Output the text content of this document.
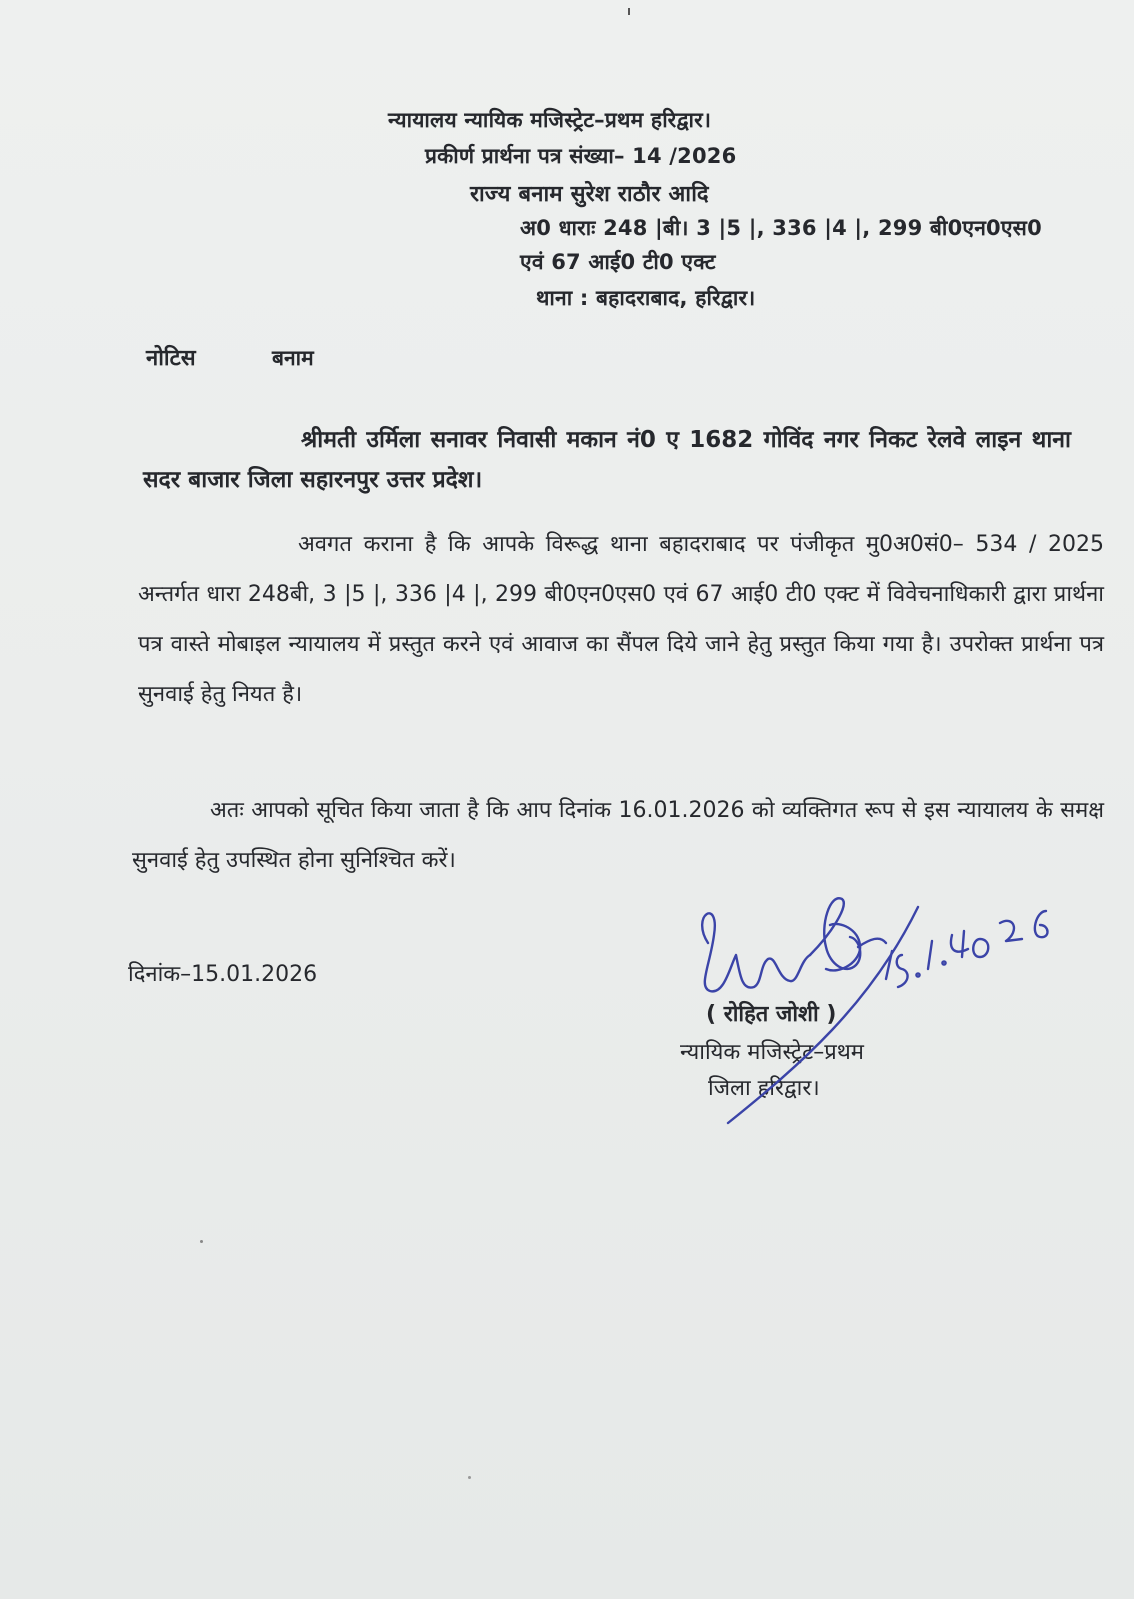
न्यायालय न्यायिक मजिस्ट्रेट–प्रथम हरिद्वार।

प्रकीर्ण प्रार्थना पत्र संख्या– 14 /2026

राज्य बनाम सुरेश राठौर आदि

अ0 धाराः 248 |बी। 3 |5 |, 336 |4 |, 299 बी0एन0एस0

एवं 67 आई0 टी0 एक्ट

थाना : बहादराबाद, हरिद्वार।

नोटिस	बनाम

श्रीमती उर्मिला सनावर निवासी मकान नं0 ए 1682 गोविंद नगर निकट रेलवे लाइन थाना सदर बाजार जिला सहारनपुर उत्तर प्रदेश।

अवगत कराना है कि आपके विरूद्ध थाना बहादराबाद पर पंजीकृत मु0अ0सं0– 534 / 2025 अन्तर्गत धारा 248बी, 3 |5 |, 336 |4 |, 299 बी0एन0एस0 एवं 67 आई0 टी0 एक्ट में विवेचनाधिकारी द्वारा प्रार्थना पत्र वास्ते मोबाइल न्यायालय में प्रस्तुत करने एवं आवाज का सैंपल दिये जाने हेतु प्रस्तुत किया गया है। उपरोक्त प्रार्थना पत्र सुनवाई हेतु नियत है।

अतः आपको सूचित किया जाता है कि आप दिनांक 16.01.2026 को व्यक्तिगत रूप से इस न्यायालय के समक्ष सुनवाई हेतु उपस्थित होना सुनिश्चित करें।

दिनांक–15.01.2026

( रोहित जोशी )

न्यायिक मजिस्ट्रेट–प्रथम

जिला हरिद्वार।
